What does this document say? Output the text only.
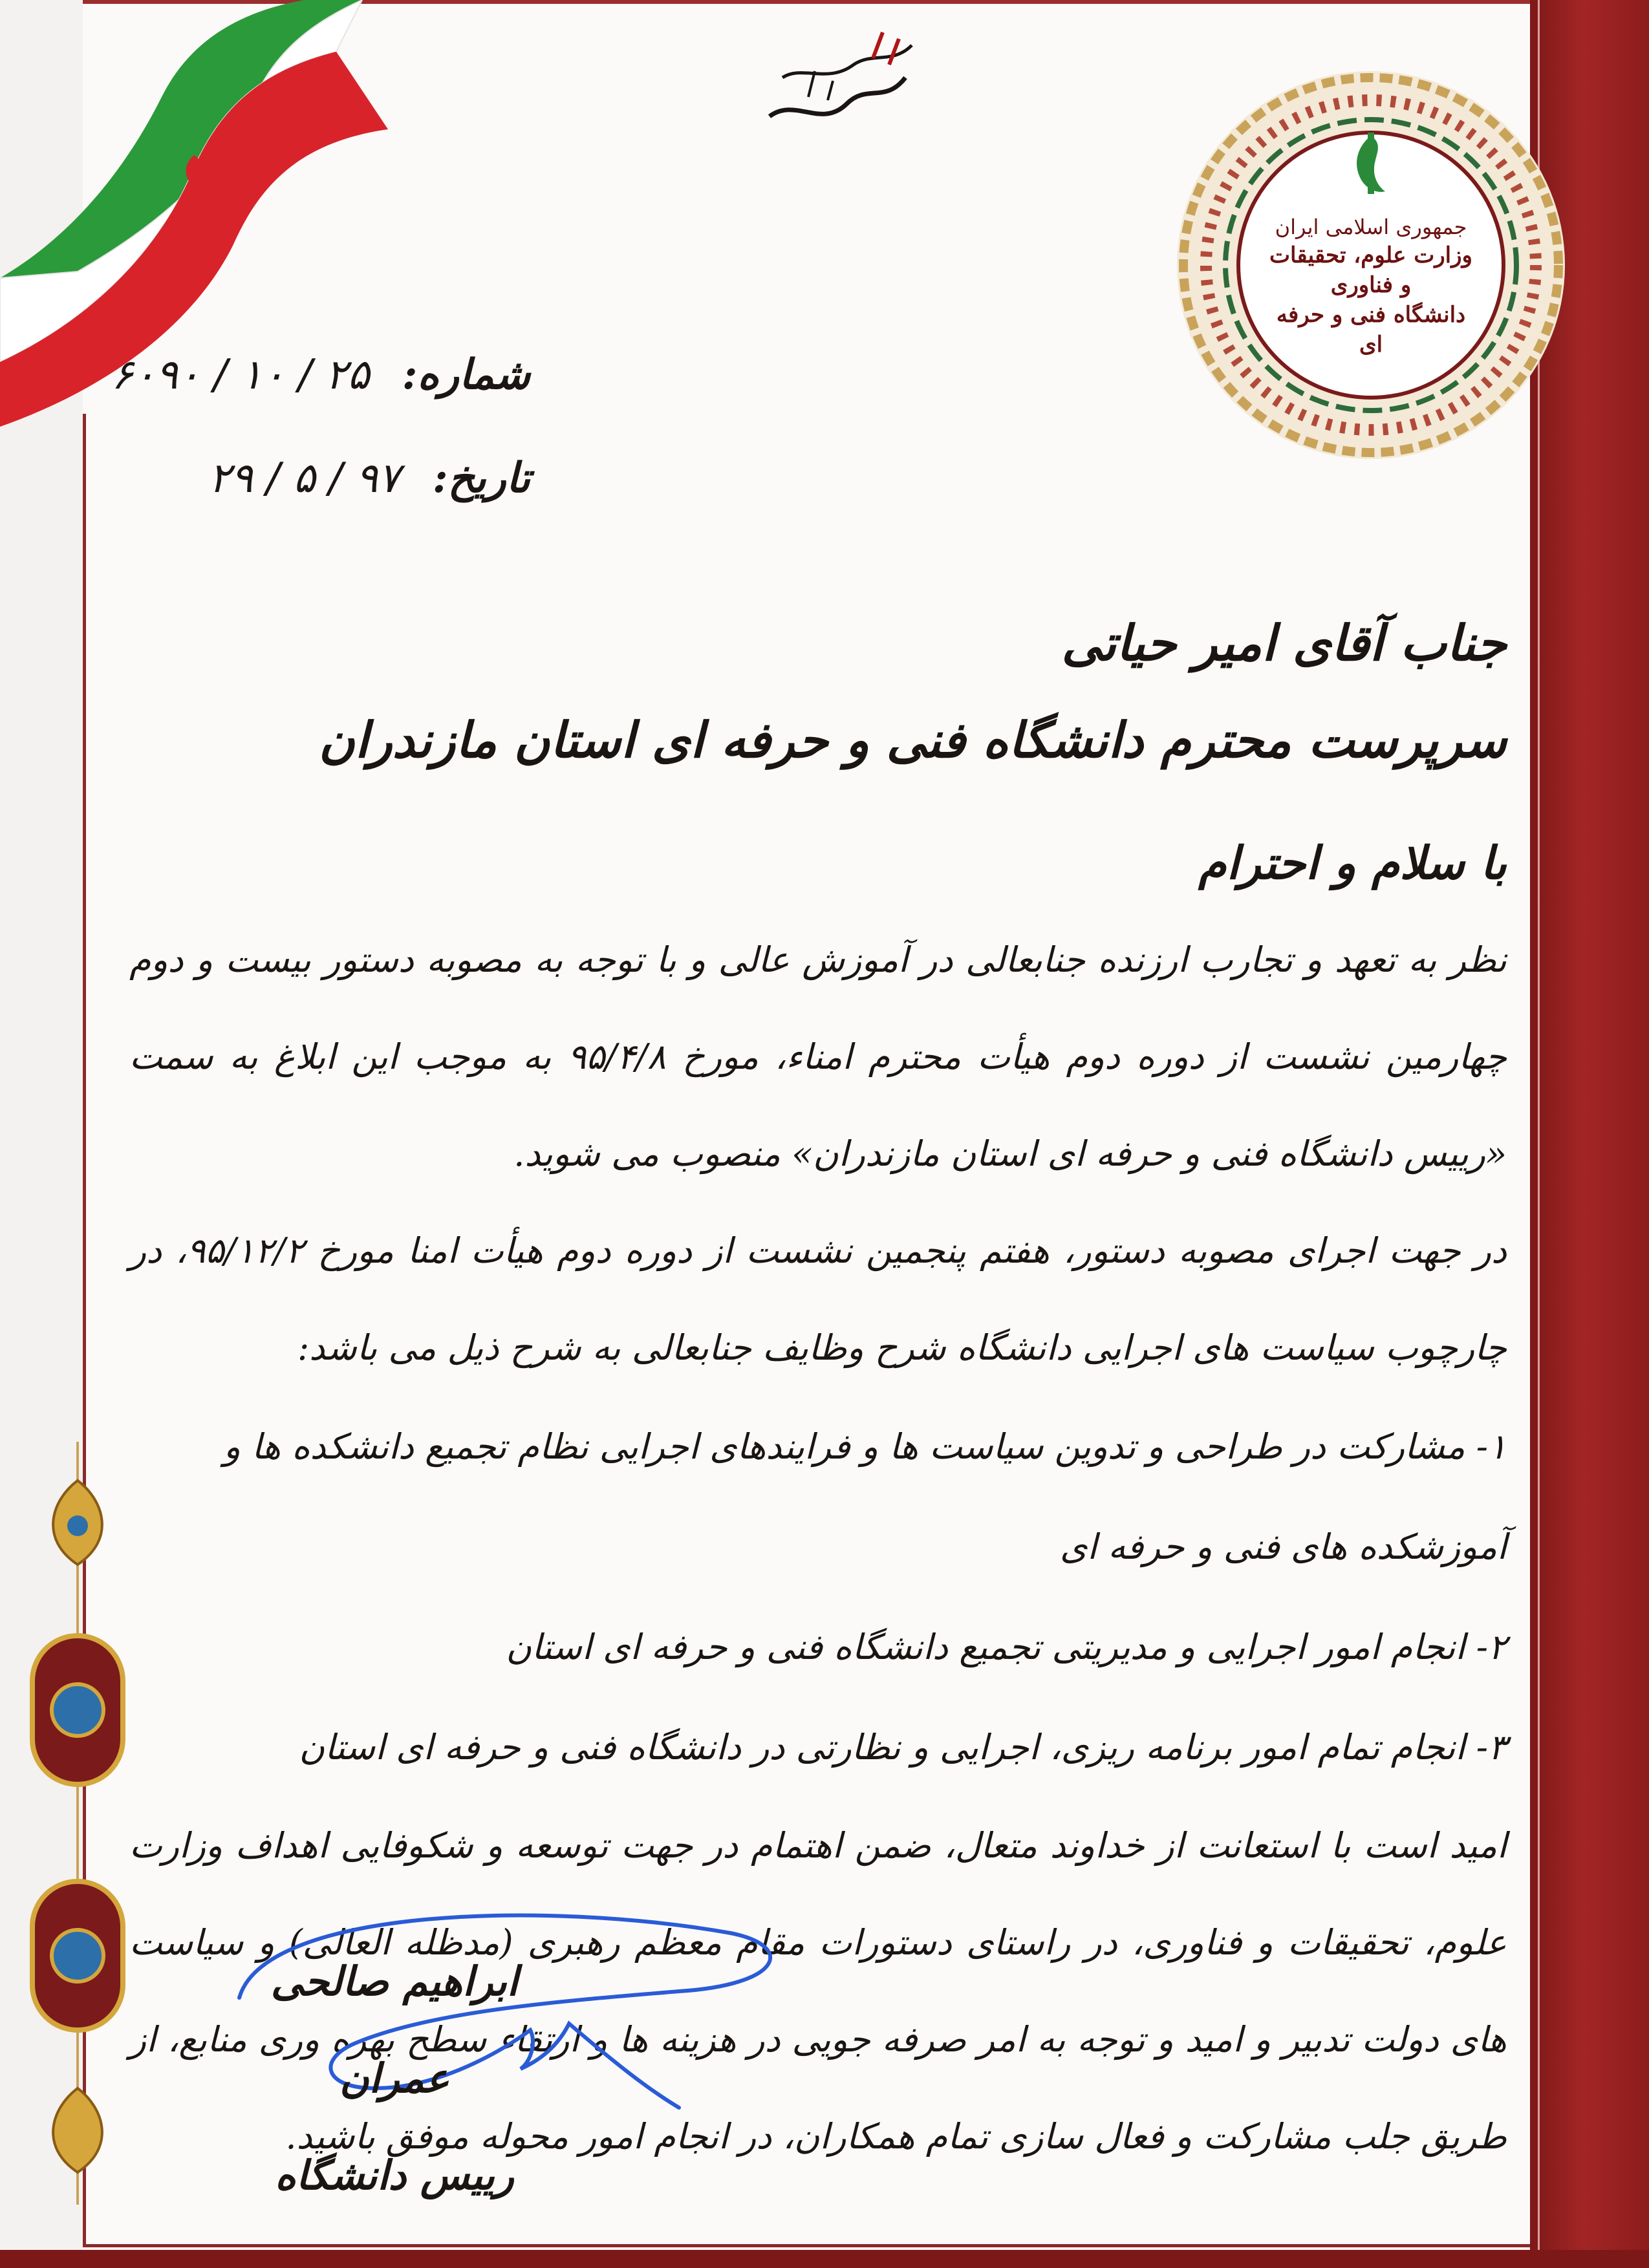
جمهوری اسلامی ایران
وزارت علوم، تحقیقات و فناوری
دانشگاه فنی و حرفه ای
شماره: ۲۵ / ۱۰ / ۶۰۹۰
تاریخ: ۹۷ / ۵ / ۲۹

جناب آقای امیر حیاتی

سرپرست محترم دانشگاه فنی و حرفه ای استان مازندران

با سلام و احترام

نظر به تعهد و تجارب ارزنده جنابعالی در آموزش عالی و با توجه به مصوبه دستور بیست و دوم چهارمین نشست از دوره دوم هیأت محترم امناء، مورخ ۹۵/۴/۸ به موجب این ابلاغ به سمت «رییس دانشگاه فنی و حرفه ای استان مازندران» منصوب می شوید.

در جهت اجرای مصوبه دستور، هفتم پنجمین نشست از دوره دوم هیأت امنا مورخ ۹۵/۱۲/۲، در چارچوب سیاست های اجرایی دانشگاه شرح وظایف جنابعالی به شرح ذیل می باشد:

۱- مشارکت در طراحی و تدوین سیاست ها و فرایندهای اجرایی نظام تجمیع دانشکده ها و آموزشکده های فنی و حرفه ای

۲- انجام امور اجرایی و مدیریتی تجمیع دانشگاه فنی و حرفه ای استان

۳- انجام تمام امور برنامه ریزی، اجرایی و نظارتی در دانشگاه فنی و حرفه ای استان

امید است با استعانت از خداوند متعال، ضمن اهتمام در جهت توسعه و شکوفایی اهداف وزارت علوم، تحقیقات و فناوری، در راستای دستورات مقام معظم رهبری (مدظله العالی) و سیاست های دولت تدبیر و امید و توجه به امر صرفه جویی در هزینه ها و ارتقاء سطح بهره وری منابع، از طریق جلب مشارکت و فعال سازی تمام همکاران، در انجام امور محوله موفق باشید.

ابراهیم صالحی عمران
رییس دانشگاه
